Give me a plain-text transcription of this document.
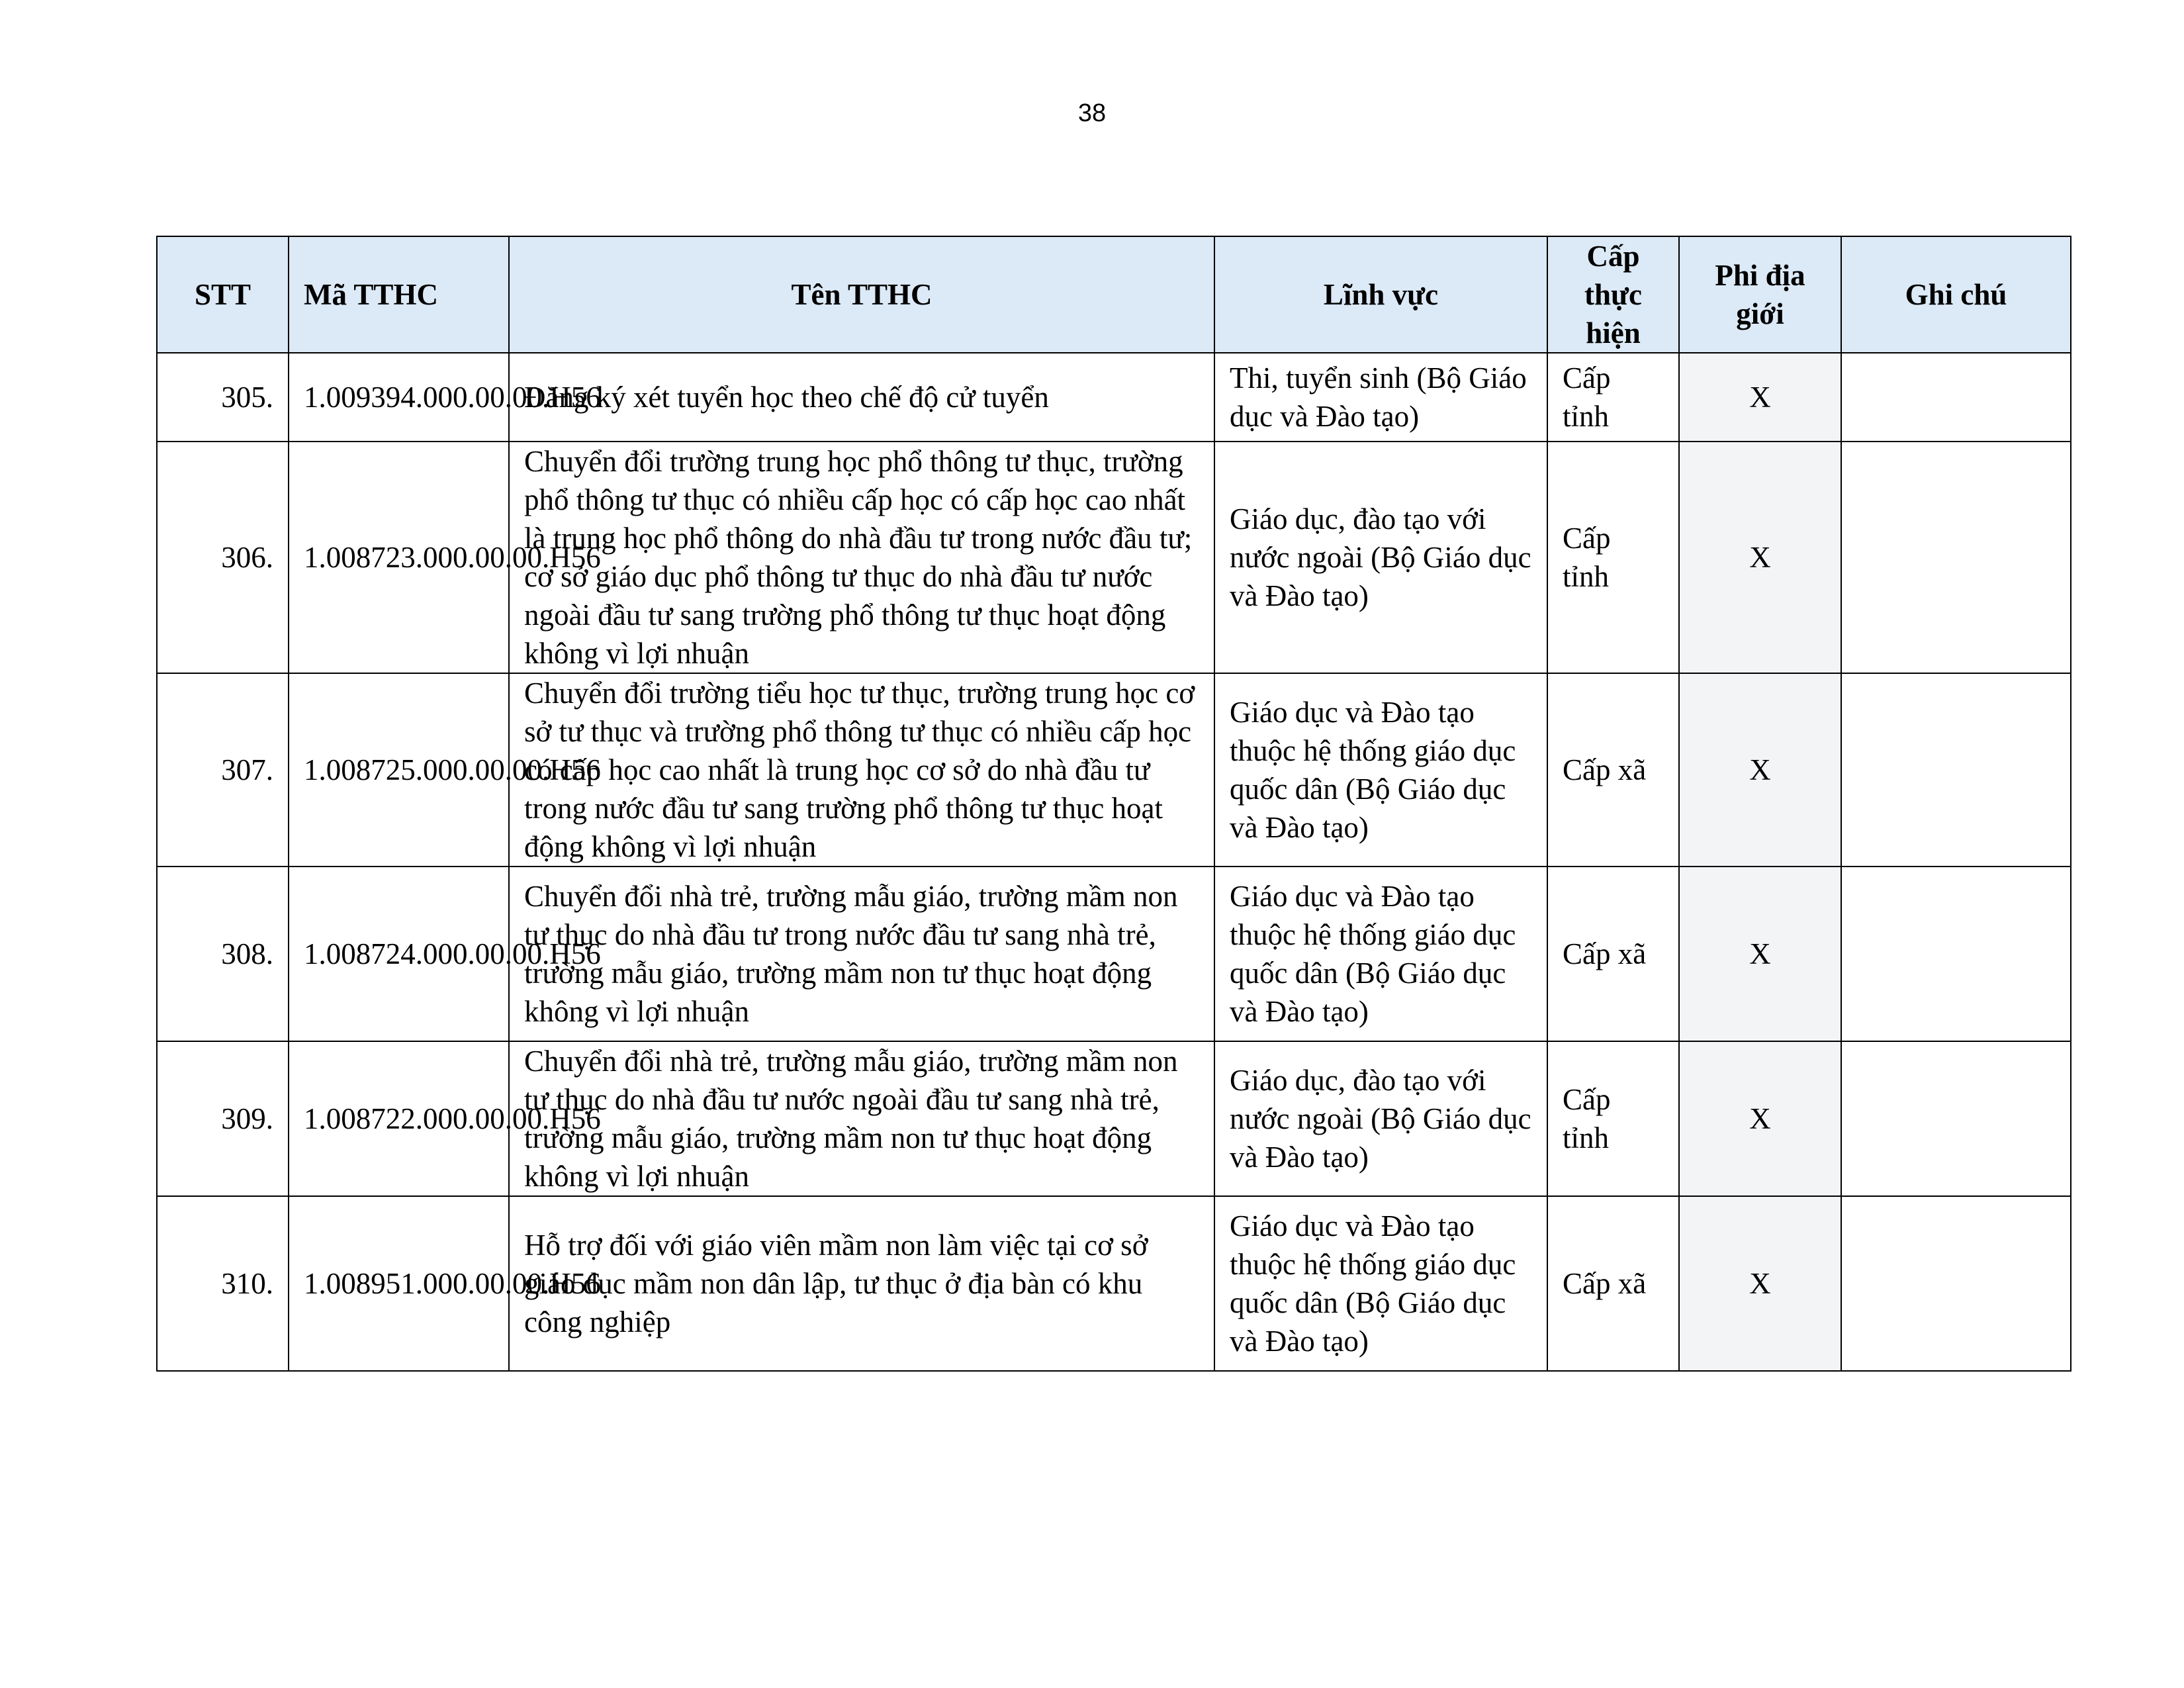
38
STT	Mã TTHC	Tên TTHC	Lĩnh vực	Cấp thực hiện	Phi địa giới	Ghi chú
305.	1.009394.000.00.00.H56	Đăng ký xét tuyển học theo chế độ cử tuyển	Thi, tuyển sinh (Bộ Giáo dục và Đào tạo)	Cấp tỉnh	X	
306.	1.008723.000.00.00.H56	Chuyển đổi trường trung học phổ thông tư thục, trường phổ thông tư thục có nhiều cấp học có cấp học cao nhất là trung học phổ thông do nhà đầu tư trong nước đầu tư; cơ sở giáo dục phổ thông tư thục do nhà đầu tư nước ngoài đầu tư sang trường phổ thông tư thục hoạt động không vì lợi nhuận	Giáo dục, đào tạo với nước ngoài (Bộ Giáo dục và Đào tạo)	Cấp tỉnh	X	
307.	1.008725.000.00.00.H56	Chuyển đổi trường tiểu học tư thục, trường trung học cơ sở tư thục và trường phổ thông tư thục có nhiều cấp học có cấp học cao nhất là trung học cơ sở do nhà đầu tư trong nước đầu tư sang trường phổ thông tư thục hoạt động không vì lợi nhuận	Giáo dục và Đào tạo thuộc hệ thống giáo dục quốc dân (Bộ Giáo dục và Đào tạo)	Cấp xã	X	
308.	1.008724.000.00.00.H56	Chuyển đổi nhà trẻ, trường mẫu giáo, trường mầm non tư thục do nhà đầu tư trong nước đầu tư sang nhà trẻ, trường mẫu giáo, trường mầm non tư thục hoạt động không vì lợi nhuận	Giáo dục và Đào tạo thuộc hệ thống giáo dục quốc dân (Bộ Giáo dục và Đào tạo)	Cấp xã	X	
309.	1.008722.000.00.00.H56	Chuyển đổi nhà trẻ, trường mẫu giáo, trường mầm non tư thục do nhà đầu tư nước ngoài đầu tư sang nhà trẻ, trường mẫu giáo, trường mầm non tư thục hoạt động không vì lợi nhuận	Giáo dục, đào tạo với nước ngoài (Bộ Giáo dục và Đào tạo)	Cấp tỉnh	X	
310.	1.008951.000.00.00.H56	Hỗ trợ đối với giáo viên mầm non làm việc tại cơ sở giáo dục mầm non dân lập, tư thục ở địa bàn có khu công nghiệp	Giáo dục và Đào tạo thuộc hệ thống giáo dục quốc dân (Bộ Giáo dục và Đào tạo)	Cấp xã	X	
